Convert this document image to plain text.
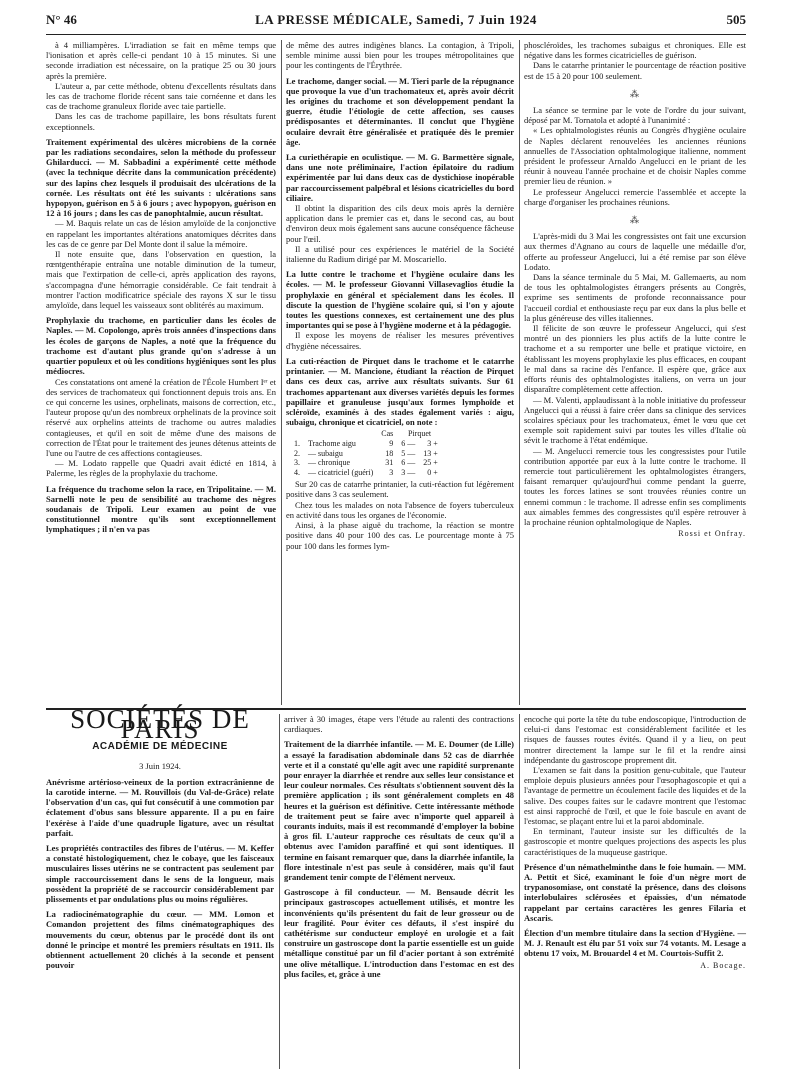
N° 46	LA PRESSE MÉDICALE, Samedi, 7 Juin 1924	505

à 4 milliampères. L'irradiation se fait en même temps que l'ionisation et après celle-ci pendant 10 à 15 minutes. Si une seconde irradiation est nécessaire, on la pratique 25 ou 30 jours après la première.

L'auteur a, par cette méthode, obtenu d'excellents résultats dans les cas de trachome floride récent sans taie cornéenne et dans les cas de trachome granuleux floride avec taie partielle.

Dans les cas de trachome papillaire, les bons résultats furent exceptionnels.

Traitement expérimental des ulcères microbiens de la cornée par les radiations secondaires, selon la méthode du professeur Ghilarducci. — M. Sabbadini a expérimenté cette méthode (avec la technique décrite dans la communication précédente) sur des lapins chez lesquels il produisait des ulcérations de la cornée. Les résultats ont été les suivants : ulcérations sans hypopyon, guérison en 5 à 6 jours ; avec hypopyon, guérison en 12 à 16 jours ; dans les cas de panophtalmie, aucun résultat.

— M. Baquis relate un cas de lésion amyloïde de la conjonctive en rappelant les importantes altérations anatomiques décrites dans les cas de ce genre par Del Monte dont il salue la mémoire.

Il note ensuite que, dans l'observation en question, la rœntgenthérapie entraîna une notable diminution de la tumeur, mais que l'extirpation de celle-ci, après application des rayons, s'accompagna d'une hémorragie considérable. Ce fait tendrait à montrer l'action modificatrice spéciale des rayons X sur le tissu amyloïde, dans lequel les vaisseaux sont oblitérés au maximum.

Prophylaxie du trachome, en particulier dans les écoles de Naples. — M. Copolongo, après trois années d'inspections dans les écoles de garçons de Naples, a noté que la fréquence du trachome est d'autant plus grande qu'on s'adresse à un quartier populeux et où les conditions hygiéniques sont les plus médiocres.

Ces constatations ont amené la création de l'École Humbert Iᵉʳ et des services de trachomateux qui fonctionnent depuis trois ans. En ce qui concerne les usines, orphelinats, maisons de correction, etc., l'auteur propose qu'un des nombreux orphelinats de la province soit réservé aux orphelins atteints de trachome ou autres maladies contagieuses, et qu'il en soit de même d'une des maisons de correction de l'État pour le traitement des jeunes détenus atteints de l'une ou l'autre de ces affections contagieuses.

— M. Lodato rappelle que Quadri avait édicté en 1814, à Palerme, les règles de la prophylaxie du trachome.

La fréquence du trachome selon la race, en Tripolitaine. — M. Sarnelli note le peu de sensibilité au trachome des nègres soudanais de Tripoli. Leur examen au point de vue constitutionnel montre qu'ils sont exceptionnellement lymphatiques ; il n'en va pas

de même des autres indigènes blancs. La contagion, à Tripoli, semble minime aussi bien pour les troupes métropolitaines que pour les contingents de l'Érythrée.

Le trachome, danger social. — M. Tieri parle de la répugnance que provoque la vue d'un trachomateux et, après avoir décrit les origines du trachome et son développement pendant la guerre, étudie l'étiologie de cette affection, ses causes prédisposantes et déterminantes. Il conclut que l'hygiène oculaire devrait être généralisée et pratiquée dès le premier âge.

La curiethérapie en oculistique. — M. G. Barmettère signale, dans une note préliminaire, l'action épilatoire du radium expérimentée par lui dans deux cas de dystichiose inopérable par raccourcissement palpébral et lésions cicatricielles du bord ciliaire.

Il obtint la disparition des cils deux mois après la dernière application dans le premier cas et, dans le second cas, au bout d'environ deux mois également sans aucune conséquence fâcheuse pour l'œil.

Il a utilisé pour ces expériences le matériel de la Société italienne du Radium dirigé par M. Moscariello.

La lutte contre le trachome et l'hygiène oculaire dans les écoles. — M. le professeur Giovanni Villasevaglios étudie la prophylaxie en général et spécialement dans les écoles. Il discute la question de l'hygiène scolaire qui, si l'on y ajoute toutes les questions connexes, est certainement une des plus importantes qui se pose à l'hygiène moderne et à la pédagogie.

Il expose les moyens de réaliser les mesures préventives d'hygiène nécessaires.

La cuti-réaction de Pirquet dans le trachome et le catarrhe printanier. — M. Mancione, étudiant la réaction de Pirquet dans ces deux cas, arrive aux résultats suivants. Sur 61 trachomes appartenant aux diverses variétés depuis les formes papillaire et granuleuse jusqu'aux formes lymphoïde et scléroïde, examinés à des stades également variés : aigu, subaigu, chronique et cicatriciel, on note :

		Cas	Pirquet	
1.	Trachome aigu	9	6 —	3 +
2.	— subaigu	18	5 —	13 +
3.	— chronique	31	6 —	25 +
4.	— cicatriciel (guéri)	3	3 —	0 +

Sur 20 cas de catarrhe printanier, la cuti-réaction fut légèrement positive dans 3 cas seulement.

Chez tous les malades on nota l'absence de foyers tuberculeux en activité dans tous les organes de l'économie.

Ainsi, à la phase aiguë du trachome, la réaction se montre positive dans 40 pour 100 des cas. Le pourcentage monte à 75 pour 100 dans les formes lym-

phoscléroïdes, les trachomes subaigus et chroniques. Elle est négative dans les formes cicatricielles de guérison.

Dans le catarrhe printanier le pourcentage de réaction positive est de 15 à 20 pour 100 seulement.

⁂

La séance se termine par le vote de l'ordre du jour suivant, déposé par M. Tornatola et adopté à l'unanimité :

« Les ophtalmologistes réunis au Congrès d'hygiène oculaire de Naples déclarent renouvelées les anciennes réunions annuelles de l'Association ophtalmologique italienne, nomment président le professeur Arnaldo Angelucci en le priant de les réunir à nouveau l'année prochaine et de choisir Naples comme premier lieu de réunion. »

Le professeur Angelucci remercie l'assemblée et accepte la charge d'organiser les prochaines réunions.

⁂

L'après-midi du 3 Mai les congressistes ont fait une excursion aux thermes d'Agnano au cours de laquelle une médaille d'or, offerte au professeur Angelucci, lui a été remise par son élève Lodato.

Dans la séance terminale du 5 Mai, M. Gallemaerts, au nom de tous les ophtalmologistes étrangers présents au Congrès, exprime ses sentiments de profonde reconnaissance pour l'accueil cordial et enthousiaste reçu par eux dans la plus belle et la plus généreuse des villes italiennes.

Il félicite de son œuvre le professeur Angelucci, qui s'est montré un des pionniers les plus actifs de la lutte contre le trachome et a su remporter une belle et pratique victoire, en établissant les moyens prophylaxie les plus efficaces, en coupant le mal dans sa racine dès l'enfance. Il espère que, grâce aux efforts réunis des ophtalmologistes italiens, on verra un jour disparaître complètement cette affection.

— M. Valenti, applaudissant à la noble initiative du professeur Angelucci qui a réussi à faire créer dans sa clinique des services scolaires spéciaux pour les trachomateux, émet le vœu que cet exemple soit rapidement suivi par toutes les villes d'Italie où sévit le trachome à l'état endémique.

— M. Angelucci remercie tous les congressistes pour l'utile contribution apportée par eux à la lutte contre le trachome. Il remercie tout particulièrement les ophtalmologistes étrangers, faisant remarquer qu'aujourd'hui comme pendant la guerre, toutes les forces latines se sont trouvées réunies contre un ennemi commun : le trachome. Il adresse enfin ses compliments aux aimables femmes des congressistes qu'il espère retrouver à la prochaine réunion ophtalmologique de Naples.

Rossi et Onfray.
SOCIÉTÉS DE PARIS
ACADÉMIE DE MÉDECINE
3 Juin 1924.

Anévrisme artérioso-veineux de la portion extracrânienne de la carotide interne. — M. Rouvillois (du Val-de-Grâce) relate l'observation d'un cas, qui fut consécutif à une commotion par éclatement d'obus sans blessure apparente. Il a pu en faire l'exérèse à l'aide d'une quadruple ligature, avec un résultat parfait.

Les propriétés contractiles des fibres de l'utérus. — M. Keffer a constaté histologiquement, chez le cobaye, que les faisceaux musculaires lisses utérins ne se contractent pas seulement par simple raccourcissement dans le sens de la longueur, mais possèdent la propriété de se raccourcir considérablement par plissements et par ondulations plus ou moins régulières.

La radiocinématographie du cœur. — MM. Lomon et Comandon projettent des films cinématographiques des mouvements du cœur, obtenus par le procédé dont ils ont donné le principe et montré les premiers résultats en 1911. Ils obtiennent actuellement 20 clichés à la seconde et pensent pouvoir

arriver à 30 images, étape vers l'étude au ralenti des contractions cardiaques.

Traitement de la diarrhée infantile. — M. E. Doumer (de Lille) a essayé la faradisation abdominale dans 52 cas de diarrhée verte et il a constaté qu'elle agit avec une rapidité surprenante pour enrayer la diarrhée et rendre aux selles leur consistance et leur couleur normales. Ces résultats s'obtiennent souvent dès la première application ; ils sont généralement complets en 48 heures et la guérison est définitive. Cette intéressante méthode de traitement peut se faire avec n'importe quel appareil à courants induits, mais il est recommandé d'employer la bobine à gros fil. L'auteur rapproche ces résultats de ceux qu'il a obtenus avec l'amidon paraffiné et qui sont identiques. Il termine en faisant remarquer que, dans la diarrhée infantile, la flore intestinale n'est pas seule à considérer, mais qu'il faut grandement tenir compte de l'élément nerveux.

Gastroscope à fil conducteur. — M. Bensaude décrit les principaux gastroscopes actuellement utilisés, et montre les inconvénients qu'ils présentent du fait de leur grosseur ou de leur fragilité. Pour éviter ces défauts, il s'est inspiré du cathétérisme sur conducteur employé en urologie et a fait construire un gastroscope dont la partie essentielle est un guide métallique constitué par un fil d'acier portant à son extrémité une olive métallique. L'introduction dans l'estomac en est des plus faciles, et, grâce à une

encoche qui porte la tête du tube endoscopique, l'introduction de celui-ci dans l'estomac est considérablement facilitée et les risques de fausses routes évités. Quand il y a lieu, on peut montrer directement la lampe sur le fil et la rendre ainsi indépendante du gastroscope proprement dit.

L'examen se fait dans la position genu-cubitale, que l'auteur emploie depuis plusieurs années pour l'œsophagoscopie et qui a l'avantage de permettre un écoulement facile des liquides et de la salive. Des coupes faites sur le cadavre montrent que l'estomac est ainsi rapproché de l'œil, et que le foie bascule en avant de l'estomac, se plaçant entre lui et la paroi abdominale.

En terminant, l'auteur insiste sur les difficultés de la gastroscopie et montre quelques projections des aspects les plus caractéristiques de la muqueuse gastrique.

Présence d'un némathelminthe dans le foie humain. — MM. A. Pettit et Sicé, examinant le foie d'un nègre mort de trypanosomiase, ont constaté la présence, dans des cloisons interlobulaires sclérosées et épaissies, d'un nématode rappelant par certains caractères les genres Filaria et Ascaris.

Élection d'un membre titulaire dans la section d'Hygiène. — M. J. Renault est élu par 51 voix sur 74 votants. M. Lesage a obtenu 17 voix, M. Brouardel 4 et M. Courtois-Suffit 2.

A. Bocage.
